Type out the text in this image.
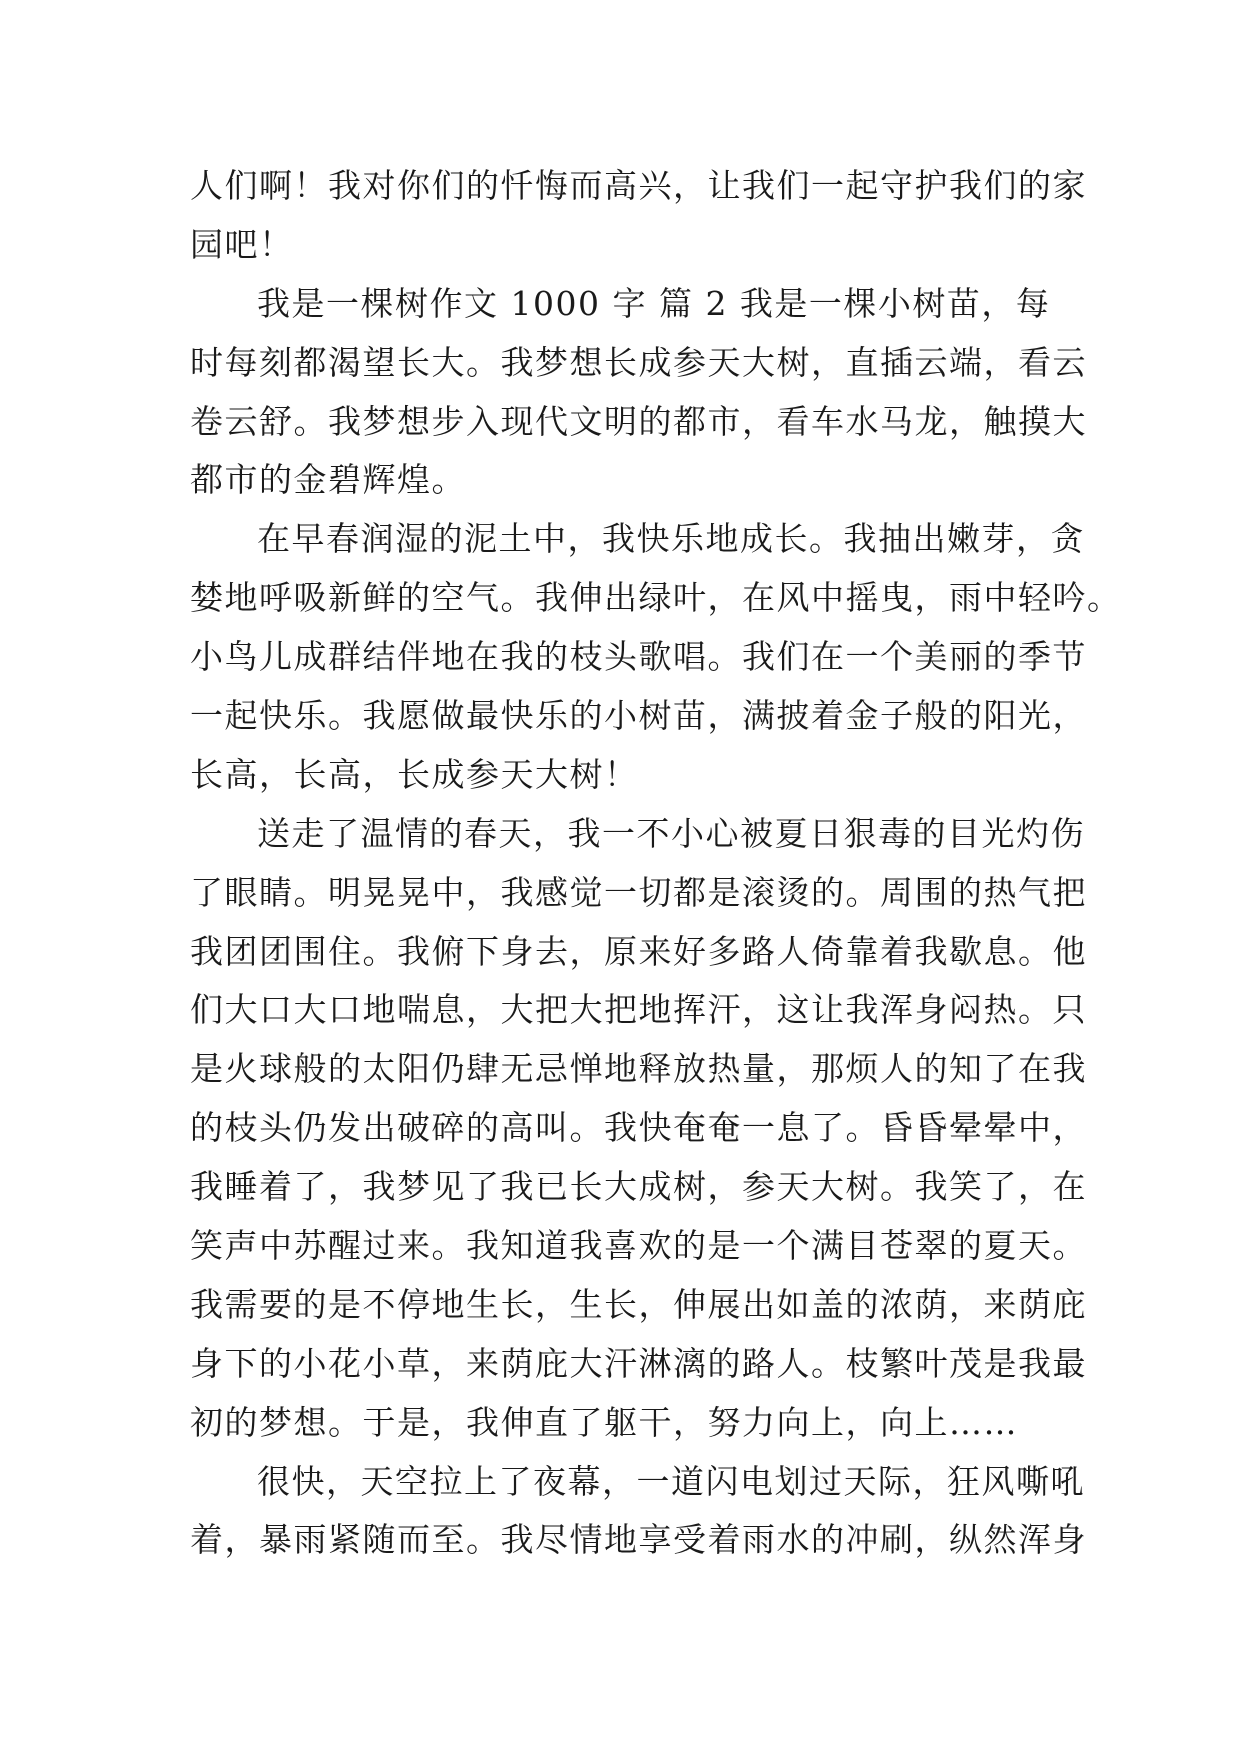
人们啊！我对你们的忏悔而高兴，让我们一起守护我们的家
园吧！
我是一棵树作文 1000 字 篇 2 我是一棵小树苗，每
时每刻都渴望长大。我梦想长成参天大树，直插云端，看云
卷云舒。我梦想步入现代文明的都市，看车水马龙，触摸大
都市的金碧辉煌。
在早春润湿的泥土中，我快乐地成长。我抽出嫩芽，贪
婪地呼吸新鲜的空气。我伸出绿叶，在风中摇曳，雨中轻吟。
小鸟儿成群结伴地在我的枝头歌唱。我们在一个美丽的季节
一起快乐。我愿做最快乐的小树苗，满披着金子般的阳光，
长高，长高，长成参天大树！
送走了温情的春天，我一不小心被夏日狠毒的目光灼伤
了眼睛。明晃晃中，我感觉一切都是滚烫的。周围的热气把
我团团围住。我俯下身去，原来好多路人倚靠着我歇息。他
们大口大口地喘息，大把大把地挥汗，这让我浑身闷热。只
是火球般的太阳仍肆无忌惮地释放热量，那烦人的知了在我
的枝头仍发出破碎的高叫。我快奄奄一息了。昏昏晕晕中，
我睡着了，我梦见了我已长大成树，参天大树。我笑了，在
笑声中苏醒过来。我知道我喜欢的是一个满目苍翠的夏天。
我需要的是不停地生长，生长，伸展出如盖的浓荫，来荫庇
身下的小花小草，来荫庇大汗淋漓的路人。枝繁叶茂是我最
初的梦想。于是，我伸直了躯干，努力向上，向上……
很快，天空拉上了夜幕，一道闪电划过天际，狂风嘶吼
着，暴雨紧随而至。我尽情地享受着雨水的冲刷，纵然浑身
